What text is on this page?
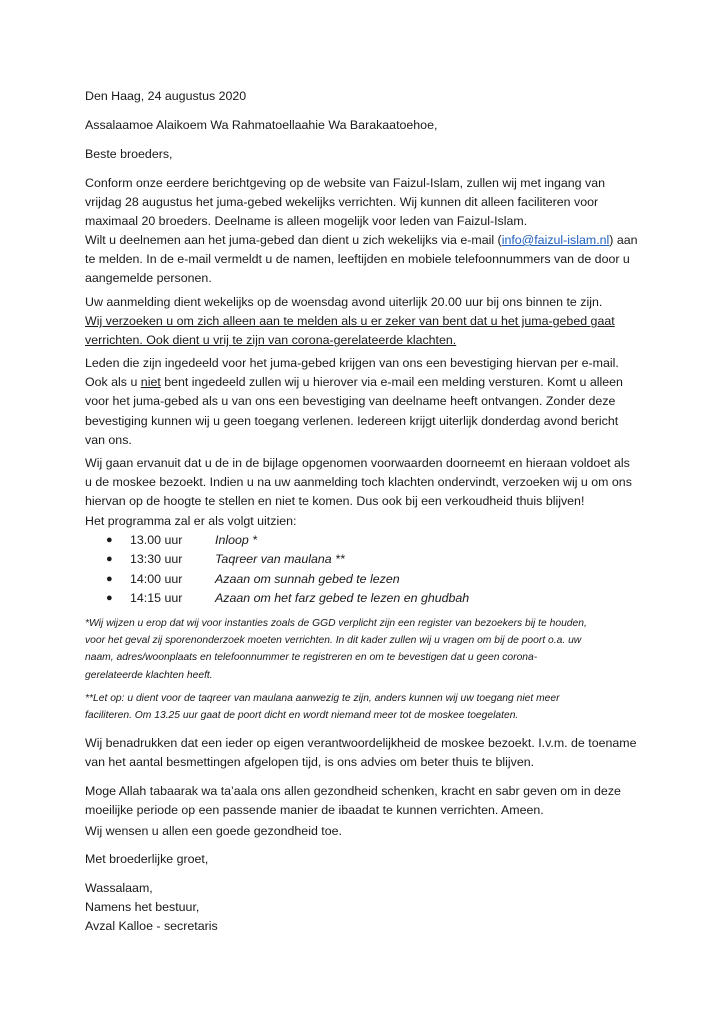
Den Haag, 24 augustus 2020

Assalaamoe Alaikoem Wa Rahmatoellaahie Wa Barakaatoehoe,

Beste broeders,

Conform onze eerdere berichtgeving op de website van Faizul-Islam, zullen wij met ingang van
vrijdag 28 augustus het juma-gebed wekelijks verrichten. Wij kunnen dit alleen faciliteren voor
maximaal 20 broeders. Deelname is alleen mogelijk voor leden van Faizul-Islam.

Wilt u deelnemen aan het juma-gebed dan dient u zich wekelijks via e-mail (info@faizul-islam.nl) aan
te melden. In de e-mail vermeldt u de namen, leeftijden en mobiele telefoonnummers van de door u
aangemelde personen.

Uw aanmelding dient wekelijks op de woensdag avond uiterlijk 20.00 uur bij ons binnen te zijn.
Wij verzoeken u om zich alleen aan te melden als u er zeker van bent dat u het juma-gebed gaat
verrichten. Ook dient u vrij te zijn van corona-gerelateerde klachten.

Leden die zijn ingedeeld voor het juma-gebed krijgen van ons een bevestiging hiervan per e-mail.
Ook als u niet bent ingedeeld zullen wij u hierover via e-mail een melding versturen. Komt u alleen
voor het juma-gebed als u van ons een bevestiging van deelname heeft ontvangen. Zonder deze
bevestiging kunnen wij u geen toegang verlenen. Iedereen krijgt uiterlijk donderdag avond bericht
van ons.

Wij gaan ervanuit dat u de in de bijlage opgenomen voorwaarden doorneemt en hieraan voldoet als
u de moskee bezoekt. Indien u na uw aanmelding toch klachten ondervindt, verzoeken wij u om ons
hiervan op de hoogte te stellen en niet te komen. Dus ook bij een verkoudheid thuis blijven!

Het programma zal er als volgt uitzien:

● 13.00 uur	Inloop *
● 13:30 uur	Taqreer van maulana **
● 14:00 uur	Azaan om sunnah gebed te lezen
● 14:15 uur	Azaan om het farz gebed te lezen en ghudbah

*Wij wijzen u erop dat wij voor instanties zoals de GGD verplicht zijn een register van bezoekers bij te houden,
voor het geval zij sporenonderzoek moeten verrichten. In dit kader zullen wij u vragen om bij de poort o.a. uw
naam, adres/woonplaats en telefoonnummer te registreren en om te bevestigen dat u geen corona-
gerelateerde klachten heeft.

**Let op: u dient voor de taqreer van maulana aanwezig te zijn, anders kunnen wij uw toegang niet meer
faciliteren. Om 13.25 uur gaat de poort dicht en wordt niemand meer tot de moskee toegelaten.

Wij benadrukken dat een ieder op eigen verantwoordelijkheid de moskee bezoekt. I.v.m. de toename
van het aantal besmettingen afgelopen tijd, is ons advies om beter thuis te blijven.

Moge Allah tabaarak wa ta’aala ons allen gezondheid schenken, kracht en sabr geven om in deze
moeilijke periode op een passende manier de ibaadat te kunnen verrichten. Ameen.

Wij wensen u allen een goede gezondheid toe.

Met broederlijke groet,

Wassalaam,
Namens het bestuur,
Avzal Kalloe - secretaris
